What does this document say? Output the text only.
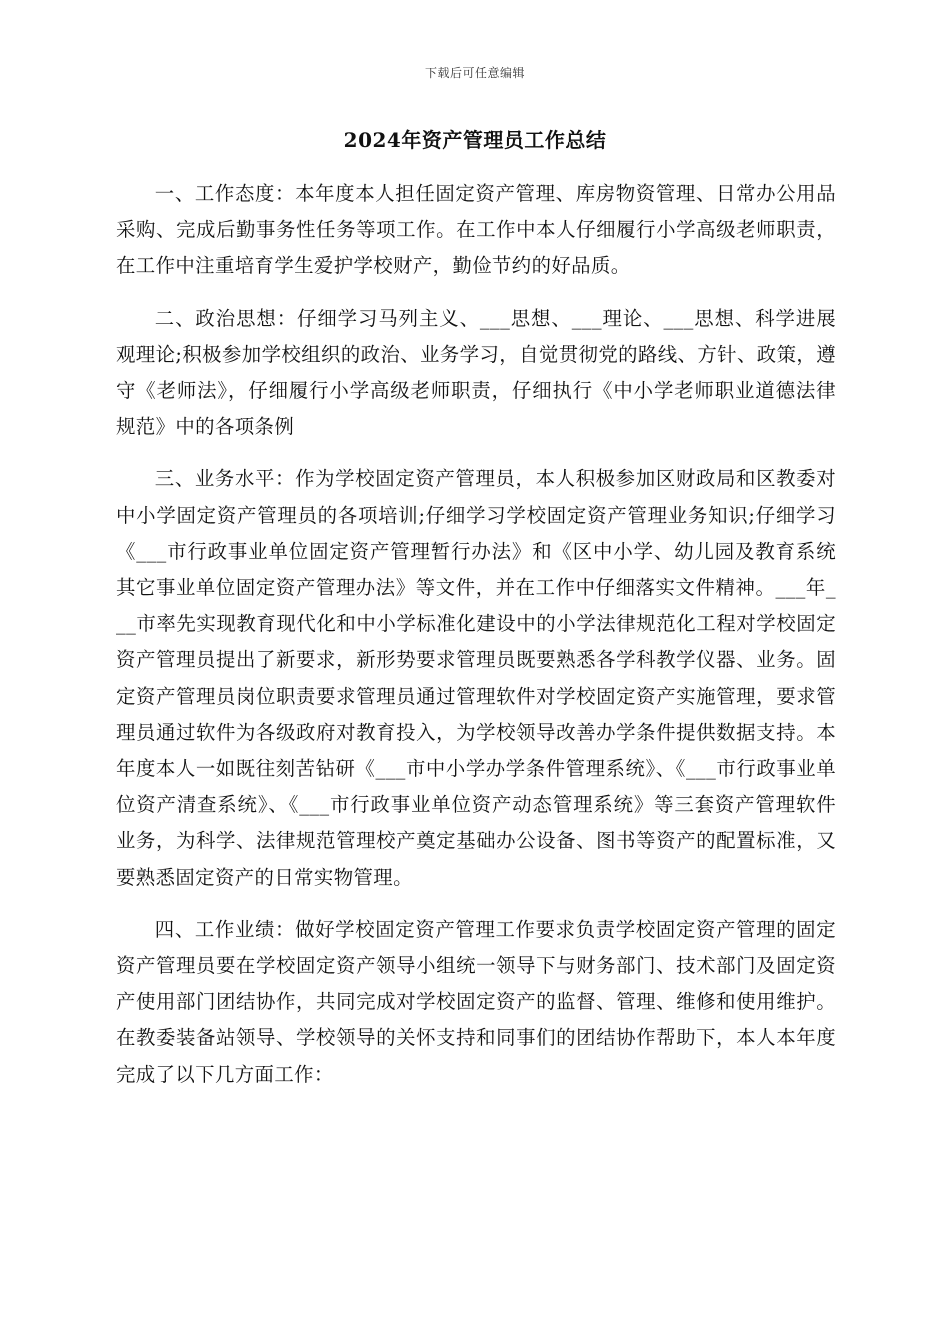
下载后可任意编辑
2024年资产管理员工作总结

一、工作态度：本年度本人担任固定资产管理、库房物资管理、日常办公用品采购、完成后勤事务性任务等项工作。在工作中本人仔细履行小学高级老师职责，在工作中注重培育学生爱护学校财产，勤俭节约的好品质。

二、政治思想：仔细学习马列主义、___思想、___理论、___思想、科学进展观理论;积极参加学校组织的政治、业务学习，自觉贯彻党的路线、方针、政策，遵守《老师法》，仔细履行小学高级老师职责，仔细执行《中小学老师职业道德法律规范》中的各项条例

三、业务水平：作为学校固定资产管理员，本人积极参加区财政局和区教委对中小学固定资产管理员的各项培训;仔细学习学校固定资产管理业务知识;仔细学习《___市行政事业单位固定资产管理暂行办法》和《区中小学、幼儿园及教育系统其它事业单位固定资产管理办法》等文件，并在工作中仔细落实文件精神。___年___市率先实现教育现代化和中小学标准化建设中的小学法律规范化工程对学校固定资产管理员提出了新要求，新形势要求管理员既要熟悉各学科教学仪器、业务。固定资产管理员岗位职责要求管理员通过管理软件对学校固定资产实施管理，要求管理员通过软件为各级政府对教育投入，为学校领导改善办学条件提供数据支持。本年度本人一如既往刻苦钻研《___市中小学办学条件管理系统》、《___市行政事业单位资产清查系统》、《___市行政事业单位资产动态管理系统》等三套资产管理软件业务，为科学、法律规范管理校产奠定基础办公设备、图书等资产的配置标准，又要熟悉固定资产的日常实物管理。

四、工作业绩：做好学校固定资产管理工作要求负责学校固定资产管理的固定资产管理员要在学校固定资产领导小组统一领导下与财务部门、技术部门及固定资产使用部门团结协作，共同完成对学校固定资产的监督、管理、维修和使用维护。在教委装备站领导、学校领导的关怀支持和同事们的团结协作帮助下，本人本年度完成了以下几方面工作：
